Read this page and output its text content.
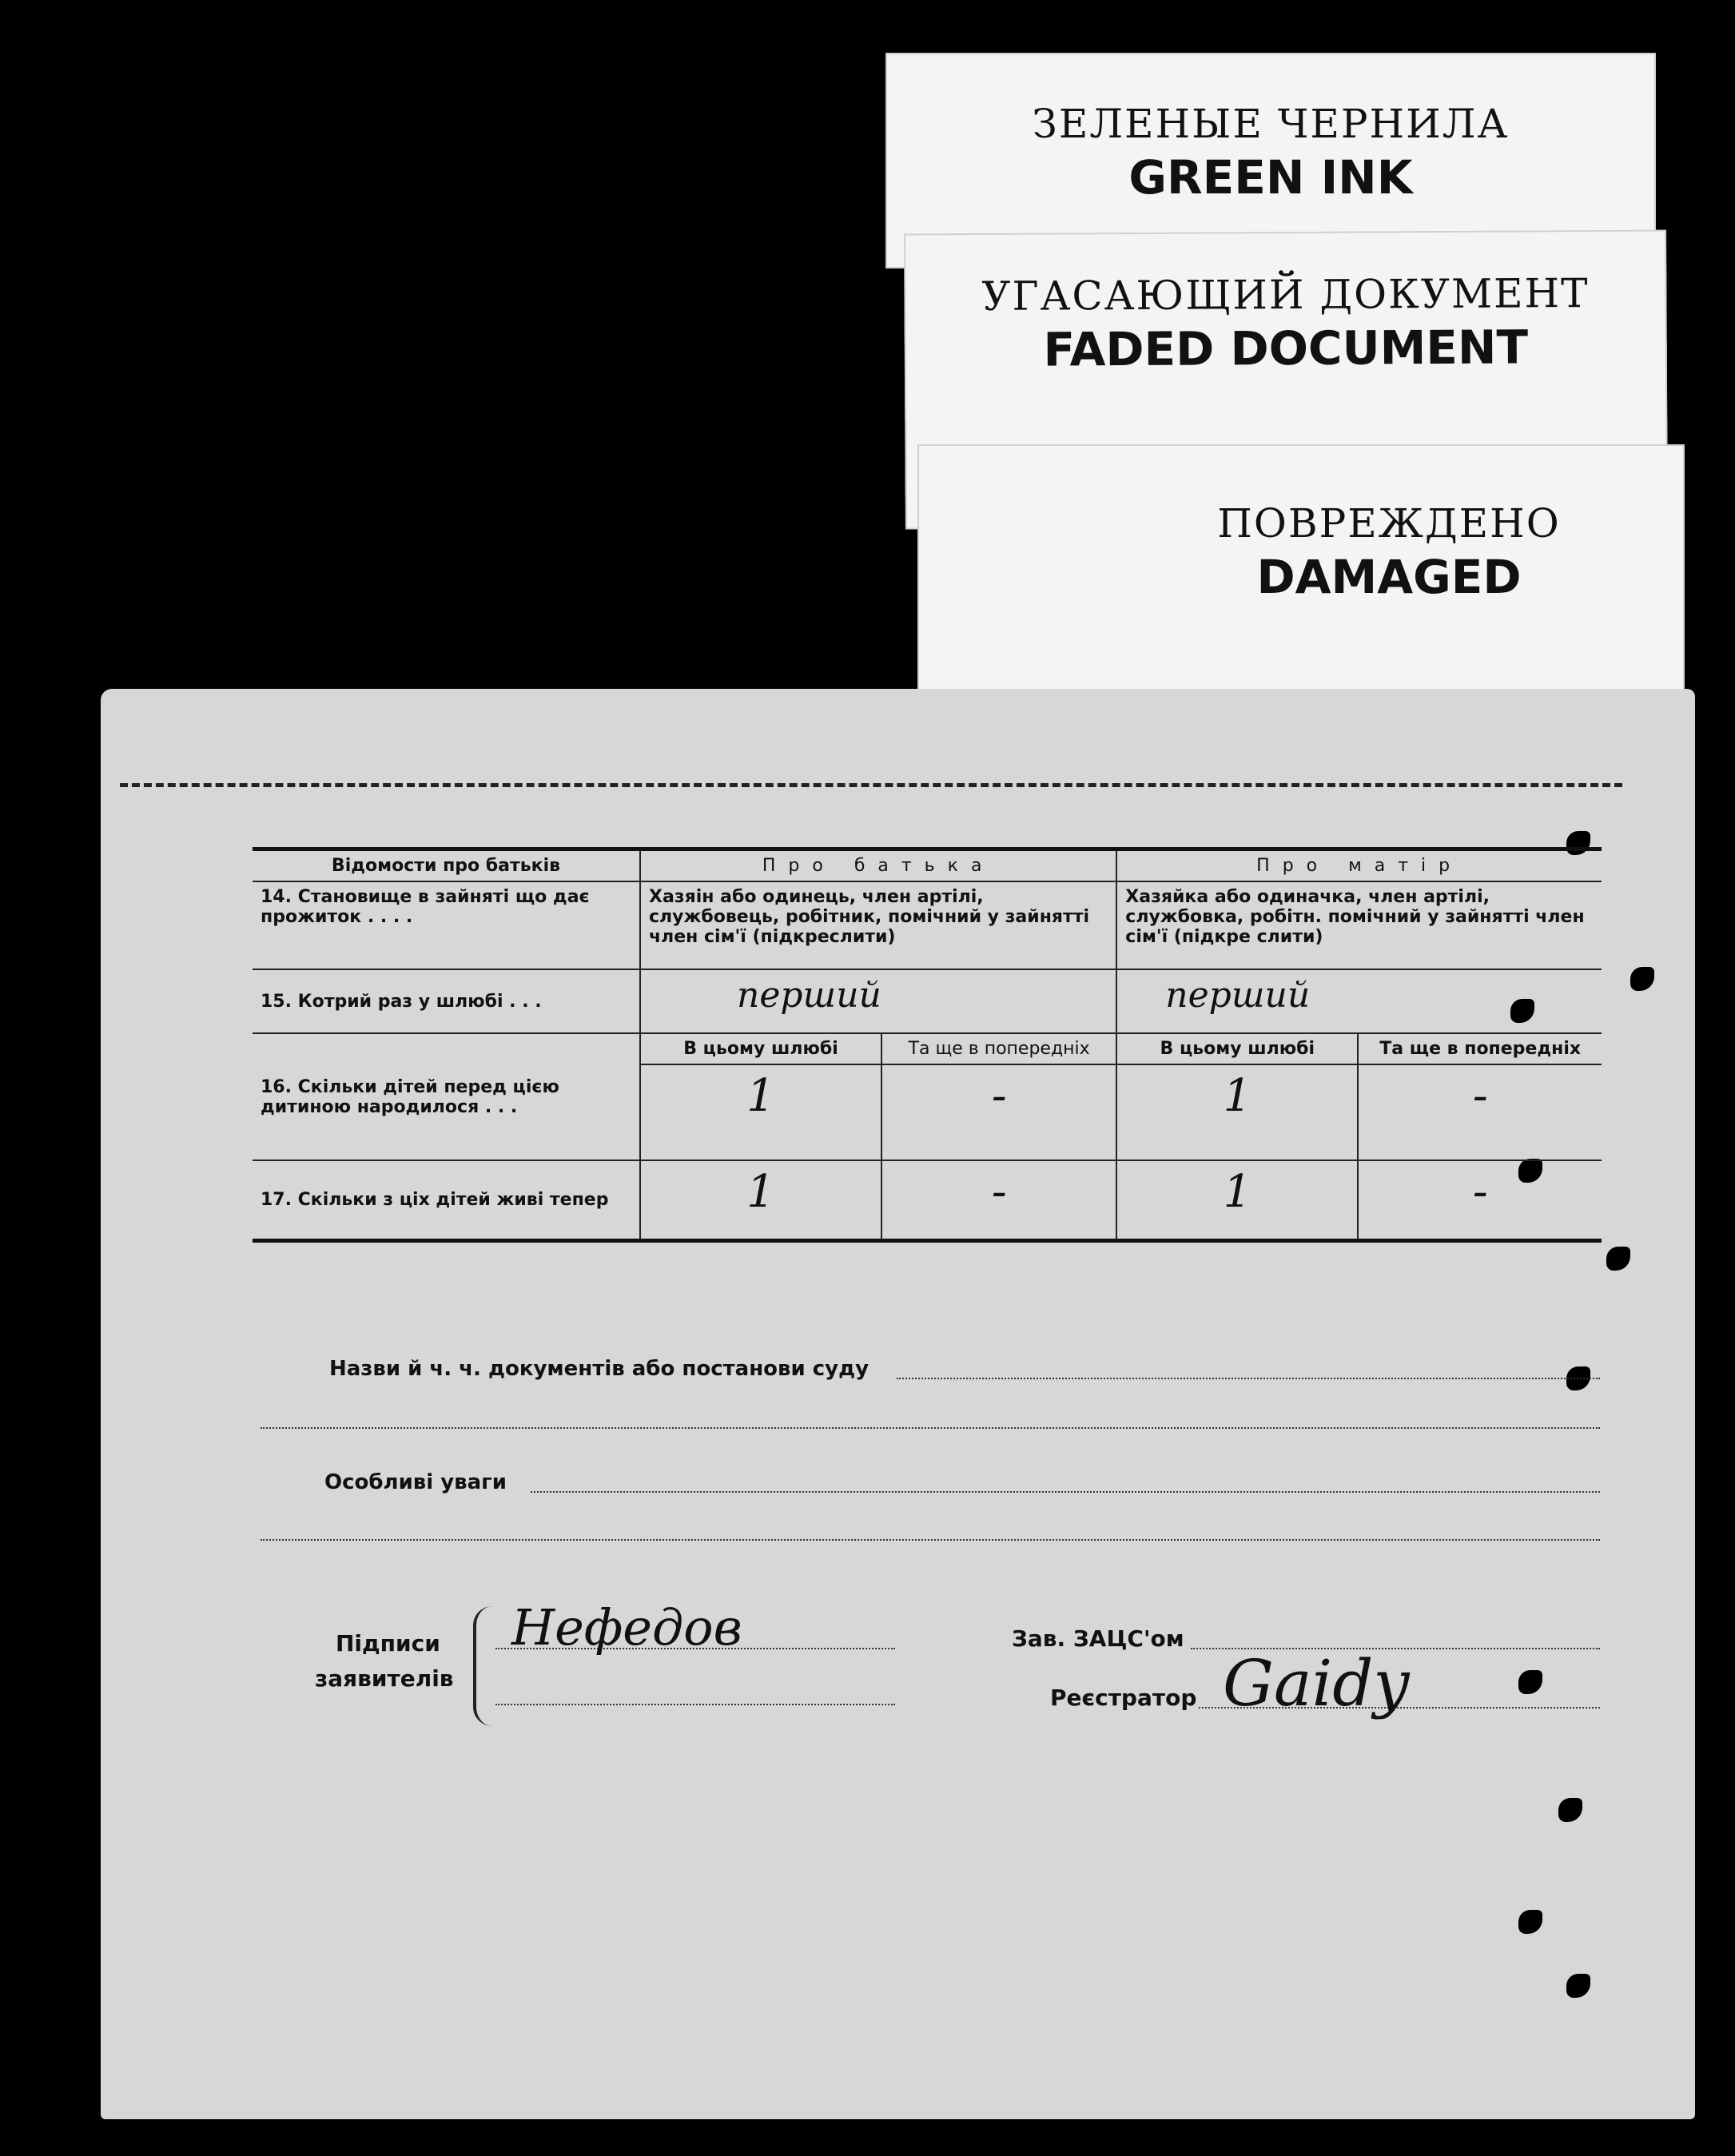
ЗЕЛЕНЫЕ ЧЕРНИЛА
GREEN INK
УГАСАЮЩИЙ ДОКУМЕНТ
FADED DOCUMENT
ПОВРЕЖДЕНО
DAMAGED
Відомости про батьків	Про батька		Про матір	
14. Становище в зайняті що дає прожиток . . . .	Хазяін або одинець, член артілі, службовець, робітник, помічний у зайнятті член сім'ї (підкреслити)		Хазяйка або одиначка, член артілі, службовка, робітн. помічний у зайнятті член сім'ї (підкре слити)	
15. Котрий раз у шлюбі . . .	перший		перший	
16. Скільки дітей перед цією дитиною народилося . . .	В цьому шлюбі	Та ще в попередніх	В цьому шлюбі	Та ще в попередніх
	1	-	1	-
17. Скільки з ціх дітей живі тепер	1	-	1	-
Назви й ч. ч. документів або постанови суду
Особливі уваги
Підписи
заявителів
Нефедов	Зав. ЗАЦС'ом
Реєстратор Gaidy
